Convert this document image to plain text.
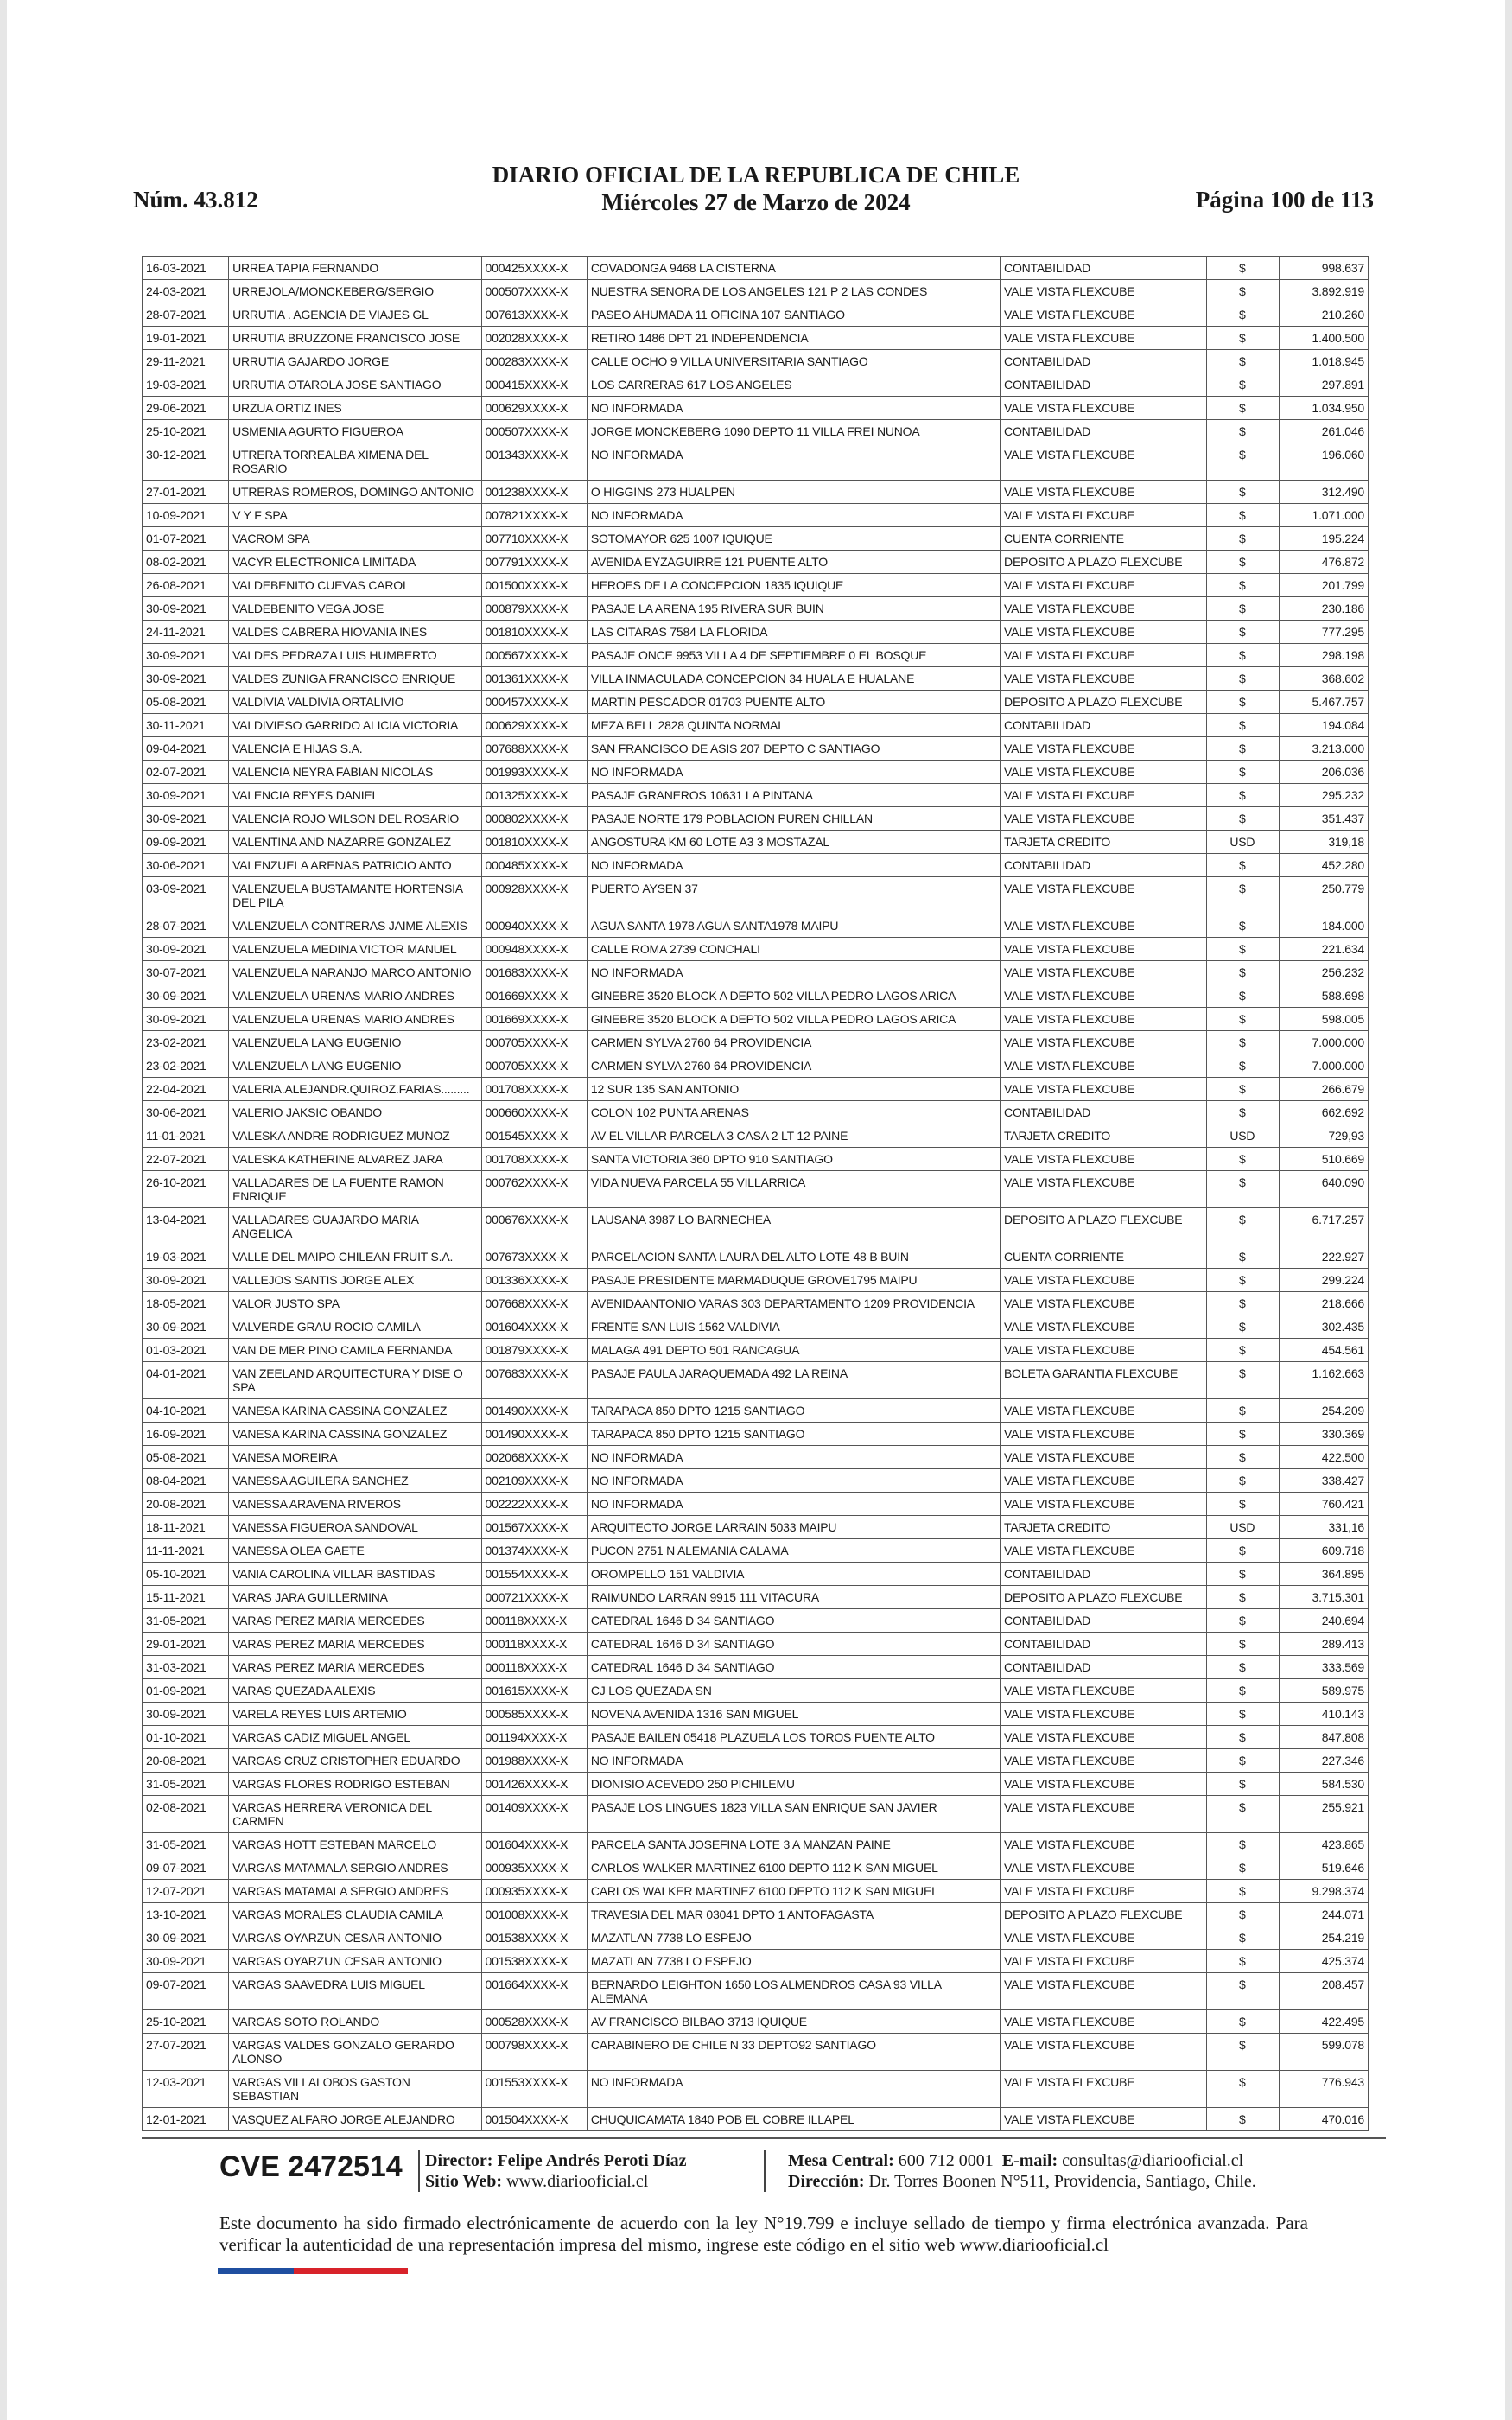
DIARIO OFICIAL DE LA REPUBLICA DE CHILE
Miércoles 27 de Marzo de 2024
Núm. 43.812	Página 100 de 113
16-03-2021	URREA TAPIA FERNANDO	000425XXXX-X	COVADONGA 9468 LA CISTERNA	CONTABILIDAD	$	998.637
24-03-2021	URREJOLA/MONCKEBERG/SERGIO	000507XXXX-X	NUESTRA SENORA DE LOS ANGELES 121 P 2 LAS CONDES	VALE VISTA FLEXCUBE	$	3.892.919
28-07-2021	URRUTIA . AGENCIA DE VIAJES GL	007613XXXX-X	PASEO AHUMADA 11 OFICINA 107 SANTIAGO	VALE VISTA FLEXCUBE	$	210.260
19-01-2021	URRUTIA BRUZZONE FRANCISCO JOSE	002028XXXX-X	RETIRO 1486 DPT 21 INDEPENDENCIA	VALE VISTA FLEXCUBE	$	1.400.500
29-11-2021	URRUTIA GAJARDO JORGE	000283XXXX-X	CALLE OCHO 9 VILLA UNIVERSITARIA SANTIAGO	CONTABILIDAD	$	1.018.945
19-03-2021	URRUTIA OTAROLA JOSE SANTIAGO	000415XXXX-X	LOS CARRERAS 617 LOS ANGELES	CONTABILIDAD	$	297.891
29-06-2021	URZUA ORTIZ INES	000629XXXX-X	NO INFORMADA	VALE VISTA FLEXCUBE	$	1.034.950
25-10-2021	USMENIA AGURTO FIGUEROA	000507XXXX-X	JORGE MONCKEBERG 1090 DEPTO 11 VILLA FREI NUNOA	CONTABILIDAD	$	261.046
30-12-2021	UTRERA TORREALBA XIMENA DEL ROSARIO	001343XXXX-X	NO INFORMADA	VALE VISTA FLEXCUBE	$	196.060
27-01-2021	UTRERAS ROMEROS, DOMINGO ANTONIO	001238XXXX-X	O HIGGINS 273 HUALPEN	VALE VISTA FLEXCUBE	$	312.490
10-09-2021	V Y F SPA	007821XXXX-X	NO INFORMADA	VALE VISTA FLEXCUBE	$	1.071.000
01-07-2021	VACROM SPA	007710XXXX-X	SOTOMAYOR 625 1007 IQUIQUE	CUENTA CORRIENTE	$	195.224
08-02-2021	VACYR ELECTRONICA LIMITADA	007791XXXX-X	AVENIDA EYZAGUIRRE 121 PUENTE ALTO	DEPOSITO A PLAZO FLEXCUBE	$	476.872
26-08-2021	VALDEBENITO CUEVAS CAROL	001500XXXX-X	HEROES DE LA CONCEPCION 1835 IQUIQUE	VALE VISTA FLEXCUBE	$	201.799
30-09-2021	VALDEBENITO VEGA JOSE	000879XXXX-X	PASAJE LA ARENA 195 RIVERA SUR BUIN	VALE VISTA FLEXCUBE	$	230.186
24-11-2021	VALDES CABRERA HIOVANIA INES	001810XXXX-X	LAS CITARAS 7584 LA FLORIDA	VALE VISTA FLEXCUBE	$	777.295
30-09-2021	VALDES PEDRAZA LUIS HUMBERTO	000567XXXX-X	PASAJE ONCE 9953 VILLA 4 DE SEPTIEMBRE 0 EL BOSQUE	VALE VISTA FLEXCUBE	$	298.198
30-09-2021	VALDES ZUNIGA FRANCISCO ENRIQUE	001361XXXX-X	VILLA INMACULADA CONCEPCION 34 HUALA E HUALANE	VALE VISTA FLEXCUBE	$	368.602
05-08-2021	VALDIVIA VALDIVIA ORTALIVIO	000457XXXX-X	MARTIN PESCADOR 01703 PUENTE ALTO	DEPOSITO A PLAZO FLEXCUBE	$	5.467.757
30-11-2021	VALDIVIESO GARRIDO ALICIA VICTORIA	000629XXXX-X	MEZA BELL 2828 QUINTA NORMAL	CONTABILIDAD	$	194.084
09-04-2021	VALENCIA E HIJAS S.A.	007688XXXX-X	SAN FRANCISCO DE ASIS 207 DEPTO C SANTIAGO	VALE VISTA FLEXCUBE	$	3.213.000
02-07-2021	VALENCIA NEYRA FABIAN NICOLAS	001993XXXX-X	NO INFORMADA	VALE VISTA FLEXCUBE	$	206.036
30-09-2021	VALENCIA REYES DANIEL	001325XXXX-X	PASAJE GRANEROS 10631 LA PINTANA	VALE VISTA FLEXCUBE	$	295.232
30-09-2021	VALENCIA ROJO WILSON DEL ROSARIO	000802XXXX-X	PASAJE NORTE 179 POBLACION PUREN CHILLAN	VALE VISTA FLEXCUBE	$	351.437
09-09-2021	VALENTINA AND NAZARRE GONZALEZ	001810XXXX-X	ANGOSTURA KM 60 LOTE A3 3 MOSTAZAL	TARJETA CREDITO	USD	319,18
30-06-2021	VALENZUELA ARENAS PATRICIO ANTO	000485XXXX-X	NO INFORMADA	CONTABILIDAD	$	452.280
03-09-2021	VALENZUELA BUSTAMANTE HORTENSIA DEL PILA	000928XXXX-X	PUERTO AYSEN 37	VALE VISTA FLEXCUBE	$	250.779
28-07-2021	VALENZUELA CONTRERAS JAIME ALEXIS	000940XXXX-X	AGUA SANTA 1978 AGUA SANTA1978 MAIPU	VALE VISTA FLEXCUBE	$	184.000
30-09-2021	VALENZUELA MEDINA VICTOR MANUEL	000948XXXX-X	CALLE ROMA 2739 CONCHALI	VALE VISTA FLEXCUBE	$	221.634
30-07-2021	VALENZUELA NARANJO MARCO ANTONIO	001683XXXX-X	NO INFORMADA	VALE VISTA FLEXCUBE	$	256.232
30-09-2021	VALENZUELA URENAS MARIO ANDRES	001669XXXX-X	GINEBRE 3520 BLOCK A DEPTO 502 VILLA PEDRO LAGOS ARICA	VALE VISTA FLEXCUBE	$	588.698
30-09-2021	VALENZUELA URENAS MARIO ANDRES	001669XXXX-X	GINEBRE 3520 BLOCK A DEPTO 502 VILLA PEDRO LAGOS ARICA	VALE VISTA FLEXCUBE	$	598.005
23-02-2021	VALENZUELA LANG EUGENIO	000705XXXX-X	CARMEN SYLVA 2760 64 PROVIDENCIA	VALE VISTA FLEXCUBE	$	7.000.000
23-02-2021	VALENZUELA LANG EUGENIO	000705XXXX-X	CARMEN SYLVA 2760 64 PROVIDENCIA	VALE VISTA FLEXCUBE	$	7.000.000
22-04-2021	VALERIA.ALEJANDR.QUIROZ.FARIAS.........	001708XXXX-X	12 SUR 135 SAN ANTONIO	VALE VISTA FLEXCUBE	$	266.679
30-06-2021	VALERIO JAKSIC OBANDO	000660XXXX-X	COLON 102 PUNTA ARENAS	CONTABILIDAD	$	662.692
11-01-2021	VALESKA ANDRE RODRIGUEZ MUNOZ	001545XXXX-X	AV EL VILLAR PARCELA 3 CASA 2 LT 12 PAINE	TARJETA CREDITO	USD	729,93
22-07-2021	VALESKA KATHERINE ALVAREZ JARA	001708XXXX-X	SANTA VICTORIA 360 DPTO 910 SANTIAGO	VALE VISTA FLEXCUBE	$	510.669
26-10-2021	VALLADARES DE LA FUENTE RAMON ENRIQUE	000762XXXX-X	VIDA NUEVA PARCELA 55 VILLARRICA	VALE VISTA FLEXCUBE	$	640.090
13-04-2021	VALLADARES GUAJARDO MARIA ANGELICA	000676XXXX-X	LAUSANA 3987 LO BARNECHEA	DEPOSITO A PLAZO FLEXCUBE	$	6.717.257
19-03-2021	VALLE DEL MAIPO CHILEAN FRUIT S.A.	007673XXXX-X	PARCELACION SANTA LAURA DEL ALTO LOTE 48 B BUIN	CUENTA CORRIENTE	$	222.927
30-09-2021	VALLEJOS SANTIS JORGE ALEX	001336XXXX-X	PASAJE PRESIDENTE MARMADUQUE GROVE1795 MAIPU	VALE VISTA FLEXCUBE	$	299.224
18-05-2021	VALOR JUSTO SPA	007668XXXX-X	AVENIDAANTONIO VARAS 303 DEPARTAMENTO 1209 PROVIDENCIA	VALE VISTA FLEXCUBE	$	218.666
30-09-2021	VALVERDE GRAU ROCIO CAMILA	001604XXXX-X	FRENTE SAN LUIS 1562 VALDIVIA	VALE VISTA FLEXCUBE	$	302.435
01-03-2021	VAN DE MER PINO CAMILA FERNANDA	001879XXXX-X	MALAGA 491 DEPTO 501 RANCAGUA	VALE VISTA FLEXCUBE	$	454.561
04-01-2021	VAN ZEELAND ARQUITECTURA Y DISE O SPA	007683XXXX-X	PASAJE PAULA JARAQUEMADA 492 LA REINA	BOLETA GARANTIA FLEXCUBE	$	1.162.663
04-10-2021	VANESA KARINA CASSINA GONZALEZ	001490XXXX-X	TARAPACA 850 DPTO 1215 SANTIAGO	VALE VISTA FLEXCUBE	$	254.209
16-09-2021	VANESA KARINA CASSINA GONZALEZ	001490XXXX-X	TARAPACA 850 DPTO 1215 SANTIAGO	VALE VISTA FLEXCUBE	$	330.369
05-08-2021	VANESA MOREIRA	002068XXXX-X	NO INFORMADA	VALE VISTA FLEXCUBE	$	422.500
08-04-2021	VANESSA AGUILERA SANCHEZ	002109XXXX-X	NO INFORMADA	VALE VISTA FLEXCUBE	$	338.427
20-08-2021	VANESSA ARAVENA RIVEROS	002222XXXX-X	NO INFORMADA	VALE VISTA FLEXCUBE	$	760.421
18-11-2021	VANESSA FIGUEROA SANDOVAL	001567XXXX-X	ARQUITECTO JORGE LARRAIN 5033 MAIPU	TARJETA CREDITO	USD	331,16
11-11-2021	VANESSA OLEA GAETE	001374XXXX-X	PUCON 2751 N ALEMANIA CALAMA	VALE VISTA FLEXCUBE	$	609.718
05-10-2021	VANIA CAROLINA VILLAR BASTIDAS	001554XXXX-X	OROMPELLO 151 VALDIVIA	CONTABILIDAD	$	364.895
15-11-2021	VARAS JARA GUILLERMINA	000721XXXX-X	RAIMUNDO LARRAN 9915 111 VITACURA	DEPOSITO A PLAZO FLEXCUBE	$	3.715.301
31-05-2021	VARAS PEREZ MARIA MERCEDES	000118XXXX-X	CATEDRAL 1646 D 34 SANTIAGO	CONTABILIDAD	$	240.694
29-01-2021	VARAS PEREZ MARIA MERCEDES	000118XXXX-X	CATEDRAL 1646 D 34 SANTIAGO	CONTABILIDAD	$	289.413
31-03-2021	VARAS PEREZ MARIA MERCEDES	000118XXXX-X	CATEDRAL 1646 D 34 SANTIAGO	CONTABILIDAD	$	333.569
01-09-2021	VARAS QUEZADA ALEXIS	001615XXXX-X	CJ LOS QUEZADA SN	VALE VISTA FLEXCUBE	$	589.975
30-09-2021	VARELA REYES LUIS ARTEMIO	000585XXXX-X	NOVENA AVENIDA 1316 SAN MIGUEL	VALE VISTA FLEXCUBE	$	410.143
01-10-2021	VARGAS CADIZ MIGUEL ANGEL	001194XXXX-X	PASAJE BAILEN 05418 PLAZUELA LOS TOROS PUENTE ALTO	VALE VISTA FLEXCUBE	$	847.808
20-08-2021	VARGAS CRUZ CRISTOPHER EDUARDO	001988XXXX-X	NO INFORMADA	VALE VISTA FLEXCUBE	$	227.346
31-05-2021	VARGAS FLORES RODRIGO ESTEBAN	001426XXXX-X	DIONISIO ACEVEDO 250 PICHILEMU	VALE VISTA FLEXCUBE	$	584.530
02-08-2021	VARGAS HERRERA VERONICA DEL CARMEN	001409XXXX-X	PASAJE LOS LINGUES 1823 VILLA SAN ENRIQUE SAN JAVIER	VALE VISTA FLEXCUBE	$	255.921
31-05-2021	VARGAS HOTT ESTEBAN MARCELO	001604XXXX-X	PARCELA SANTA JOSEFINA LOTE 3 A MANZAN PAINE	VALE VISTA FLEXCUBE	$	423.865
09-07-2021	VARGAS MATAMALA SERGIO ANDRES	000935XXXX-X	CARLOS WALKER MARTINEZ 6100 DEPTO 112 K SAN MIGUEL	VALE VISTA FLEXCUBE	$	519.646
12-07-2021	VARGAS MATAMALA SERGIO ANDRES	000935XXXX-X	CARLOS WALKER MARTINEZ 6100 DEPTO 112 K SAN MIGUEL	VALE VISTA FLEXCUBE	$	9.298.374
13-10-2021	VARGAS MORALES CLAUDIA CAMILA	001008XXXX-X	TRAVESIA DEL MAR 03041 DPTO 1 ANTOFAGASTA	DEPOSITO A PLAZO FLEXCUBE	$	244.071
30-09-2021	VARGAS OYARZUN CESAR ANTONIO	001538XXXX-X	MAZATLAN 7738 LO ESPEJO	VALE VISTA FLEXCUBE	$	254.219
30-09-2021	VARGAS OYARZUN CESAR ANTONIO	001538XXXX-X	MAZATLAN 7738 LO ESPEJO	VALE VISTA FLEXCUBE	$	425.374
09-07-2021	VARGAS SAAVEDRA LUIS MIGUEL	001664XXXX-X	BERNARDO LEIGHTON 1650 LOS ALMENDROS CASA 93 VILLA ALEMANA	VALE VISTA FLEXCUBE	$	208.457
25-10-2021	VARGAS SOTO ROLANDO	000528XXXX-X	AV FRANCISCO BILBAO 3713 IQUIQUE	VALE VISTA FLEXCUBE	$	422.495
27-07-2021	VARGAS VALDES GONZALO GERARDO ALONSO	000798XXXX-X	CARABINERO DE CHILE N 33 DEPTO92 SANTIAGO	VALE VISTA FLEXCUBE	$	599.078
12-03-2021	VARGAS VILLALOBOS GASTON SEBASTIAN	001553XXXX-X	NO INFORMADA	VALE VISTA FLEXCUBE	$	776.943
12-01-2021	VASQUEZ ALFARO JORGE ALEJANDRO	001504XXXX-X	CHUQUICAMATA 1840 POB EL COBRE ILLAPEL	VALE VISTA FLEXCUBE	$	470.016
CVE 2472514 Director: Felipe Andrés Peroti Díaz
Sitio Web: www.diariooficial.cl
Mesa Central: 600 712 0001 E-mail: consultas@diariooficial.cl
Dirección: Dr. Torres Boonen N°511, Providencia, Santiago, Chile.
Este documento ha sido firmado electrónicamente de acuerdo con la ley N°19.799 e incluye sellado de tiempo y firma electrónica avanzada. Para verificar la autenticidad de una representación impresa del mismo, ingrese este código en el sitio web www.diariooficial.cl
